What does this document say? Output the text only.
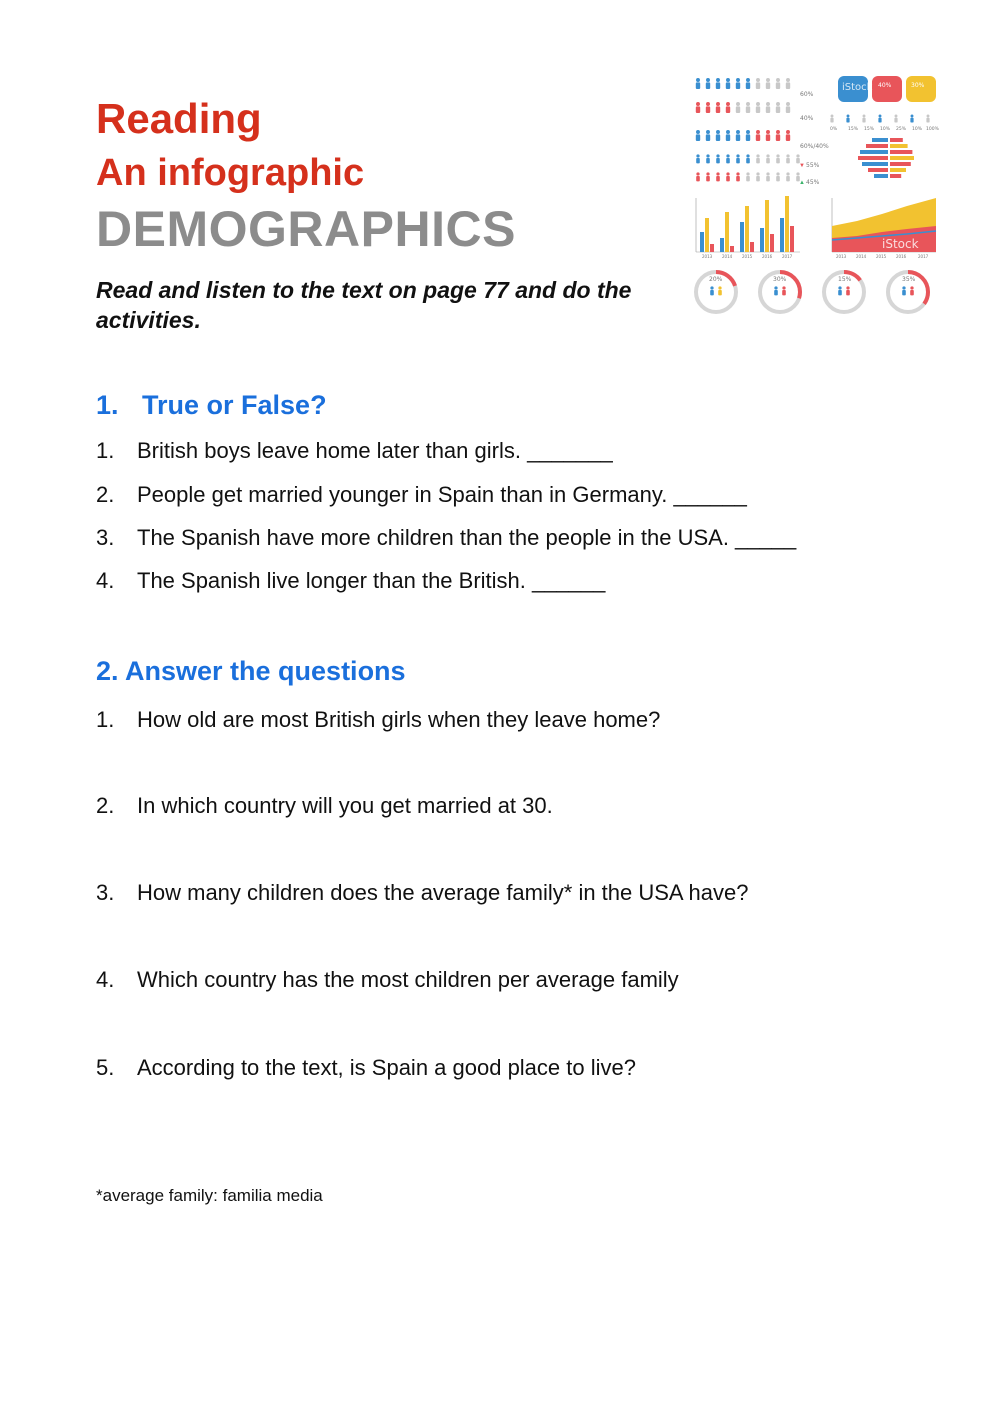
Reading
An infographic
DEMOGRAPHICS

Read and listen to the text on page 77 and do the activities.

60%
40%
60%/40%
55%
45%
▼
▲
40%	30%
iStock
0% 15% 15% 10% 25% 10% 100%
2013 2014 2015 2016 2017
iStock
2013 2014 2015 2016	2017
20%	30%	15%	35%
1. True or False?
1. British boys leave home later than girls. _______
2. People get married younger in Spain than in Germany. ______
3. The Spanish have more children than the people in the USA. _____
4. The Spanish live longer than the British. ______
2. Answer the questions
1. How old are most British girls when they leave home?
2. In which country will you get married at 30.
3. How many children does the average family* in the USA have?
4. Which country has the most children per average family
5. According to the text, is Spain a good place to live?

*average family: familia media
